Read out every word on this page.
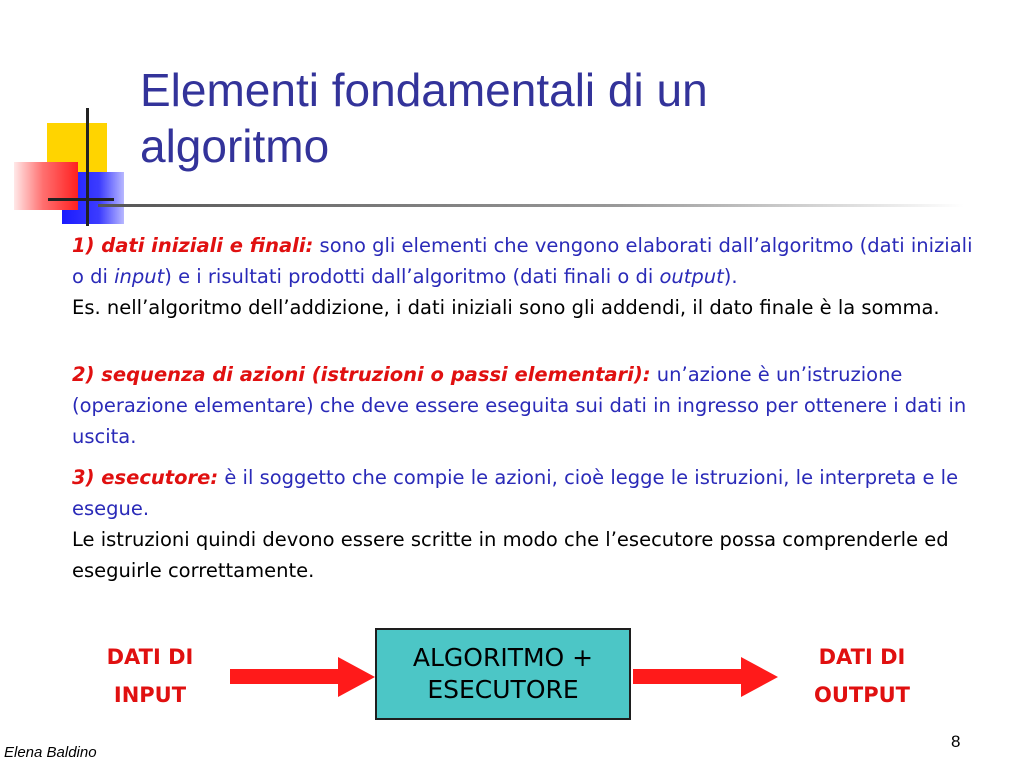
Elementi fondamentali di un
algoritmo
1) dati iniziali e finali: sono gli elementi che vengono elaborati dall’algoritmo (dati iniziali o di input) e i risultati prodotti dall’algoritmo (dati finali o di output).
Es. nell’algoritmo dell’addizione, i dati iniziali sono gli addendi, il dato finale è la somma.
2) sequenza di azioni (istruzioni o passi elementari): un’azione è un’istruzione (operazione elementare) che deve essere eseguita sui dati in ingresso per ottenere i dati in uscita.
3) esecutore: è il soggetto che compie le azioni, cioè legge le istruzioni, le interpreta e le esegue.
Le istruzioni quindi devono essere scritte in modo che l’esecutore possa comprenderle ed eseguirle correttamente.
DATI DI
INPUT
ALGORITMO +
ESECUTORE
DATI DI
OUTPUT
Elena Baldino
8
